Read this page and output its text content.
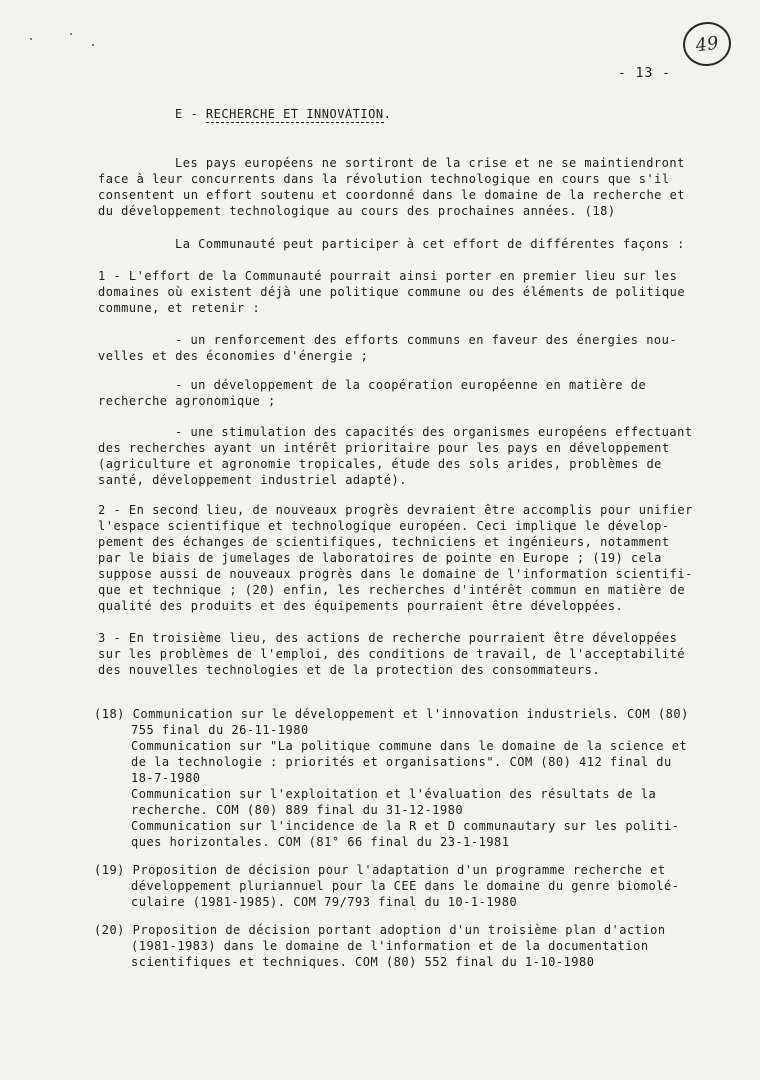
49
- 13 -
E - RECHERCHE ET INNOVATION.
Les pays européens ne sortiront de la crise et ne se maintiendront
face à leur concurrents dans la révolution technologique en cours que s'il
consentent un effort soutenu et coordonné dans le domaine de la recherche et
du développement technologique au cours des prochaines années. (18)
La Communauté peut participer à cet effort de différentes façons :
1 - L'effort de la Communauté pourrait ainsi porter en premier lieu sur les
domaines où existent déjà une politique commune ou des éléments de politique
commune, et retenir :
- un renforcement des efforts communs en faveur des énergies nou-
velles et des économies d'énergie ;
- un développement de la coopération européenne en matière de
recherche agronomique ;
- une stimulation des capacités des organismes européens effectuant
des recherches ayant un intérêt prioritaire pour les pays en développement
(agriculture et agronomie tropicales, étude des sols arides, problèmes de
santé, développement industriel adapté).
2 - En second lieu, de nouveaux progrès devraient être accomplis pour unifier
l'espace scientifique et technologique européen. Ceci implique le dévelop-
pement des échanges de scientifiques, techniciens et ingénieurs, notamment
par le biais de jumelages de laboratoires de pointe en Europe ; (19) cela
suppose aussi de nouveaux progrès dans le domaine de l'information scientifi-
que et technique ; (20) enfin, les recherches d'intérêt commun en matière de
qualité des produits et des équipements pourraient être développées.
3 - En troisième lieu, des actions de recherche pourraient être développées
sur les problèmes de l'emploi, des conditions de travail, de l'acceptabilité
des nouvelles technologies et de la protection des consommateurs.
(18) Communication sur le développement et l'innovation industriels. COM (80)
755 final du 26-11-1980
Communication sur "La politique commune dans le domaine de la science et
de la technologie : priorités et organisations". COM (80) 412 final du
18-7-1980
Communication sur l'exploitation et l'évaluation des résultats de la
recherche. COM (80) 889 final du 31-12-1980
Communication sur l'incidence de la R et D communautary sur les politi-
ques horizontales. COM (81° 66 final du 23-1-1981
(19) Proposition de décision pour l'adaptation d'un programme recherche et
développement pluriannuel pour la CEE dans le domaine du genre biomolé-
culaire (1981-1985). COM 79/793 final du 10-1-1980
(20) Proposition de décision portant adoption d'un troisième plan d'action
(1981-1983) dans le domaine de l'information et de la documentation
scientifiques et techniques. COM (80) 552 final du 1-10-1980
